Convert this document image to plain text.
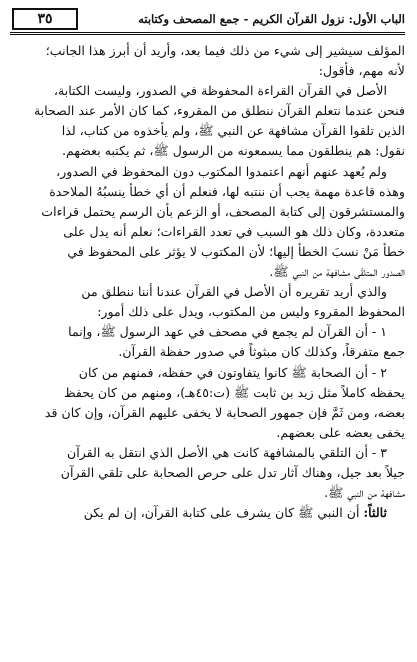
الباب الأول: نزول القرآن الكريم - جمع المصحف وكتابته
٣٥
المؤلف سيشير إلى شيء من ذلك فيما بعد، وأريد أن أبرز هذا الجانب؛
لأنه مهم، فأقول:
الأصل في القرآن القراءة المحفوظة في الصدور، وليست الكتابة،
فنحن عندما نتعلم القرآن ننطلق من المقروء، كما كان الأمر عند الصحابة
الذين تلقوا القرآن مشافهة عن النبي ﷺ، ولم يأخذوه من كتاب، لذا
نقول: هم ينطلقون مما يسمعونه من الرسول ﷺ، ثم يكتبه بعضهم.
ولم يُعهد عنهم أنهم اعتمدوا المكتوب دون المحفوظ في الصدور،
وهذه قاعدة مهمة يجب أن ننتبه لها، فنعلم أن أي خطأ ينسبُهُ الملاحدة
والمستشرقون إلى كتابة المصحف، أو الزعم بأن الرسم يحتمل قراءات
متعددة، وكان ذلك هو السبب في تعدد القراءات؛ نعلم أنه يدل على
خطأ مَنْ نسبَ الخطأ إليها؛ لأن المكتوب لا يؤثر على المحفوظ في
الصدور المتلقّى مشافهة من النبي ﷺ.
والذي أريد تقريره أن الأصل في القرآن عندنا أننا ننطلق من
المحفوظ المقروء وليس من المكتوب، ويدل على ذلك أمور:
١ - أن القرآن لم يجمع في مصحف في عهد الرسول ﷺ، وإنما
جمع متفرقاً، وكذلك كان مبثوثاً في صدور حفظة القرآن.
٢ - أن الصحابة ﷺ كانوا يتفاوتون في حفظه، فمنهم من كان
يحفظه كاملاً مثل زيد بن ثابت ﷺ (ت:٤٥هـ)، ومنهم من كان يحفظ
بعضه، ومن ثَمَّ فإن جمهور الصحابة لا يخفى عليهم القرآن، وإن كان قد
يخفى بعضه على بعضهم.
٣ - أن التلقي بالمشافهة كانت هي الأصل الذي انتقل به القرآن
جيلاً بعد جيل، وهناك آثار تدل على حرص الصحابة على تلقي القرآن
مشافهة من النبي ﷺ.
ثالثاً: أن النبي ﷺ كان يشرف على كتابة القرآن، إن لم يكن
